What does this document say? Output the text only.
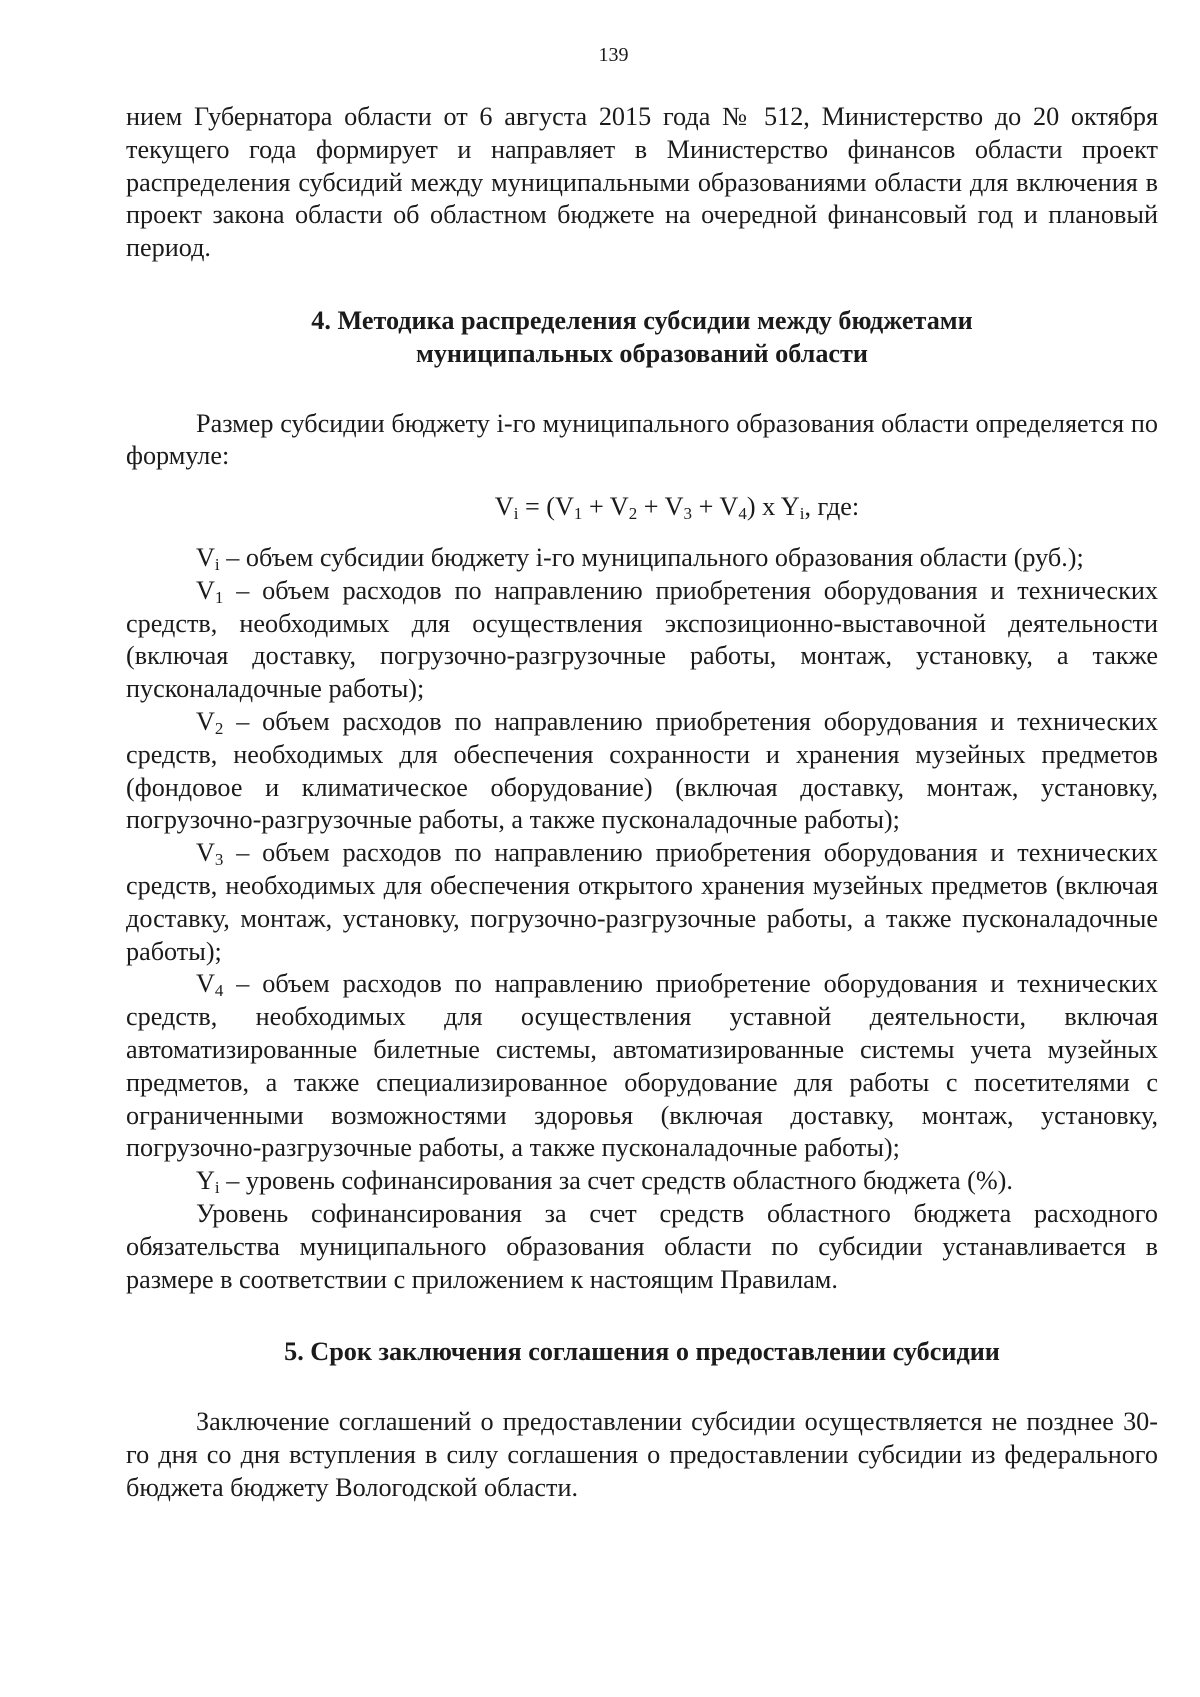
139

нием Губернатора области от 6 августа 2015 года № 512, Министерство до 20 октября текущего года формирует и направляет в Министерство финансов области проект распределения субсидий между муниципальными образованиями области для включения в проект закона области об областном бюджете на очередной финансовый год и плановый период.

4. Методика распределения субсидии между бюджетами
муниципальных образований области

Размер субсидии бюджету i-го муниципального образования области определяется по формуле:

$V_i = (V_1 + V_2 + V_3 + V_4)$ x $Y_i$, где:

$V_i$ – объем субсидии бюджету i-го муниципального образования области (руб.);

$V_1$ – объем расходов по направлению приобретения оборудования и технических средств, необходимых для осуществления экспозиционно-выставочной деятельности (включая доставку, погрузочно-разгрузочные работы, монтаж, установку, а также пусконаладочные работы);

$V_2$ – объем расходов по направлению приобретения оборудования и технических средств, необходимых для обеспечения сохранности и хранения музейных предметов (фондовое и климатическое оборудование) (включая доставку, монтаж, установку, погрузочно-разгрузочные работы, а также пусконаладочные работы);

$V_3$ – объем расходов по направлению приобретения оборудования и технических средств, необходимых для обеспечения открытого хранения музейных предметов (включая доставку, монтаж, установку, погрузочно-разгрузочные работы, а также пусконаладочные работы);

$V_4$ – объем расходов по направлению приобретение оборудования и технических средств, необходимых для осуществления уставной деятельности, включая автоматизированные билетные системы, автоматизированные системы учета музейных предметов, а также специализированное оборудование для работы с посетителями с ограниченными возможностями здоровья (включая доставку, монтаж, установку, погрузочно-разгрузочные работы, а также пусконаладочные работы);

$Y_i$ – уровень софинансирования за счет средств областного бюджета (%).

Уровень софинансирования за счет средств областного бюджета расходного обязательства муниципального образования области по субсидии устанавливается в размере в соответствии с приложением к настоящим Правилам.

5. Срок заключения соглашения о предоставлении субсидии

Заключение соглашений о предоставлении субсидии осуществляется не позднее 30-го дня со дня вступления в силу соглашения о предоставлении субсидии из федерального бюджета бюджету Вологодской области.
